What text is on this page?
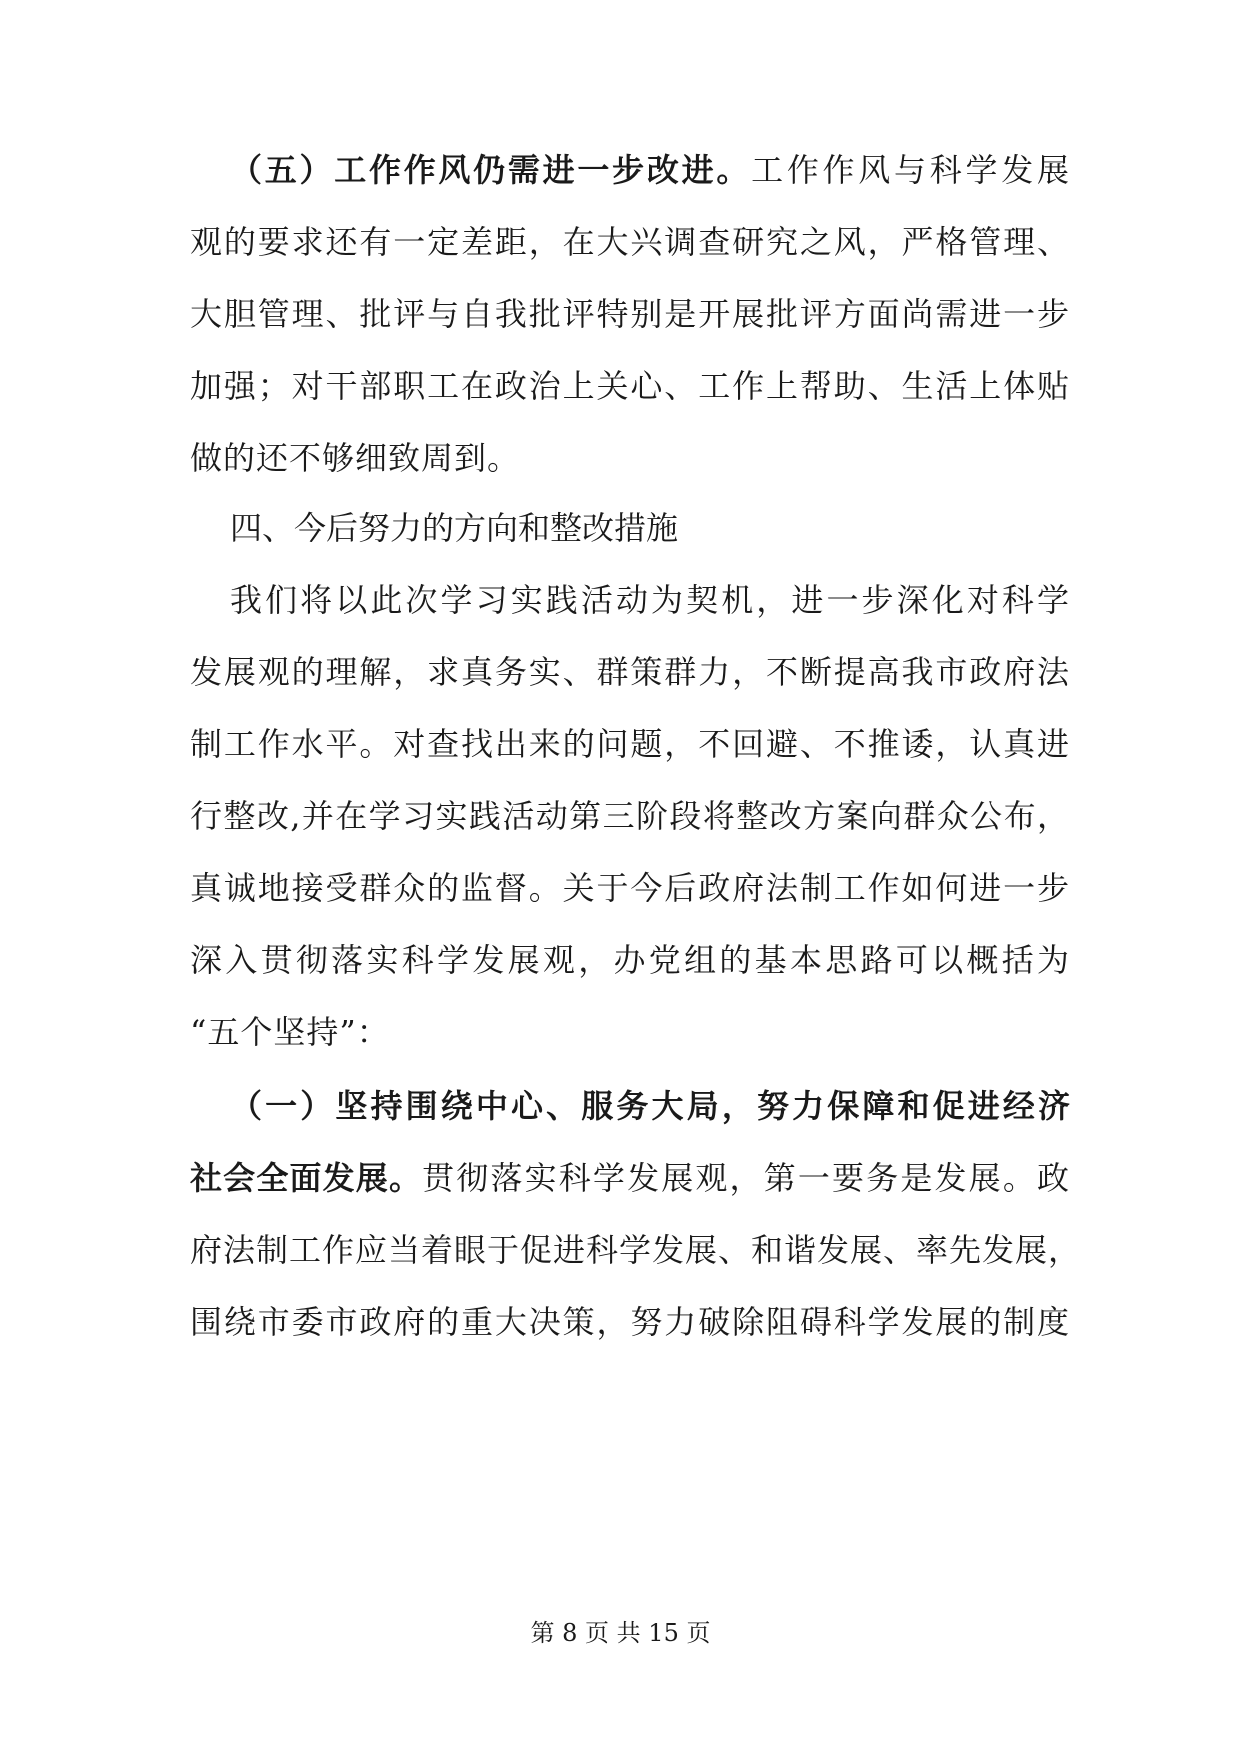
（五）工作作风仍需进一步改进。工作作风与科学发展
观的要求还有一定差距，在大兴调查研究之风，严格管理、
大胆管理、批评与自我批评特别是开展批评方面尚需进一步
加强；对干部职工在政治上关心、工作上帮助、生活上体贴
做的还不够细致周到。
四、今后努力的方向和整改措施
我们将以此次学习实践活动为契机，进一步深化对科学
发展观的理解，求真务实、群策群力，不断提高我市政府法
制工作水平。对查找出来的问题，不回避、不推诿，认真进
行整改,并在学习实践活动第三阶段将整改方案向群众公布，
真诚地接受群众的监督。关于今后政府法制工作如何进一步
深入贯彻落实科学发展观，办党组的基本思路可以概括为
“五个坚持”：
（一）坚持围绕中心、服务大局，努力保障和促进经济
社会全面发展。贯彻落实科学发展观，第一要务是发展。政
府法制工作应当着眼于促进科学发展、和谐发展、率先发展，
围绕市委市政府的重大决策，努力破除阻碍科学发展的制度
第 8 页 共 15 页
